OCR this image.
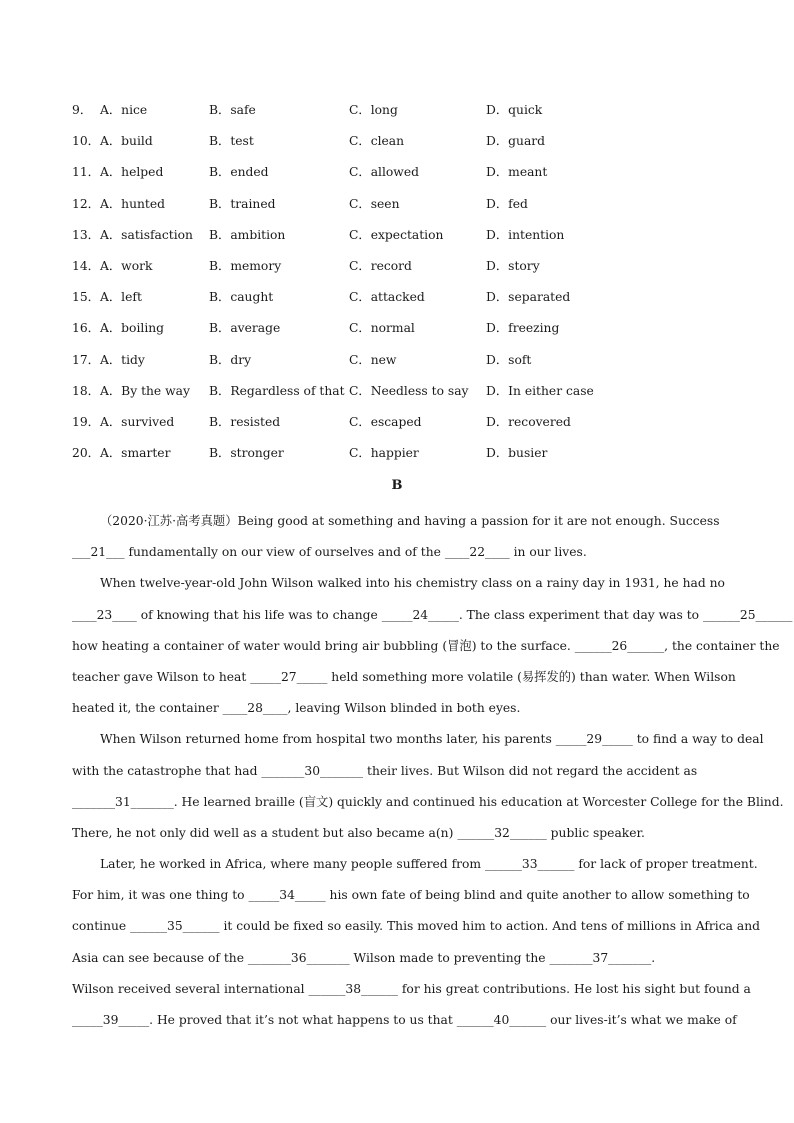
9． A．nice	B．safe	C．long	D．quick
10． A．build	B．test	C．clean	D．guard
11． A．helped	B．ended	C．allowed	D．meant
12． A．hunted	B．trained	C．seen	D．fed
13． A．satisfaction B．ambition	C．expectation	D．intention
14． A．work	B．memory	C．record	D．story
15． A．left	B．caught	C．attacked	D．separated
16． A．boiling	B．average	C．normal	D．freezing
17． A．tidy	B．dry	C．new	D．soft
18． A．By the way B．Regardless of that C．Needless to say D．In either case
19． A．survived	B．resisted	C．escaped	D．recovered
20． A．smarter	B．stronger	C．happier	D．busier
B
（2020·江苏·高考真题）Being good at something and having a passion for it are not enough. Success
___21___ fundamentally on our view of ourselves and of the ____22____ in our lives.
When twelve-year-old John Wilson walked into his chemistry class on a rainy day in 1931, he had no
____23____ of knowing that his life was to change _____24_____. The class experiment that day was to ______25______
how heating a container of water would bring air bubbling (冒泡) to the surface. ______26______, the container the
teacher gave Wilson to heat _____27_____ held something more volatile (易挥发的) than water. When Wilson
heated it, the container ____28____, leaving Wilson blinded in both eyes.
When Wilson returned home from hospital two months later, his parents _____29_____ to find a way to deal
with the catastrophe that had _______30_______ their lives. But Wilson did not regard the accident as
_______31_______. He learned braille (盲文) quickly and continued his education at Worcester College for the Blind.
There, he not only did well as a student but also became a(n) ______32______ public speaker.
Later, he worked in Africa, where many people suffered from ______33______ for lack of proper treatment.
For him, it was one thing to _____34_____ his own fate of being blind and quite another to allow something to
continue ______35______ it could be fixed so easily. This moved him to action. And tens of millions in Africa and
Asia can see because of the _______36_______ Wilson made to preventing the _______37_______.
Wilson received several international ______38______ for his great contributions. He lost his sight but found a
_____39_____. He proved that it’s not what happens to us that ______40______ our lives-it’s what we make of
